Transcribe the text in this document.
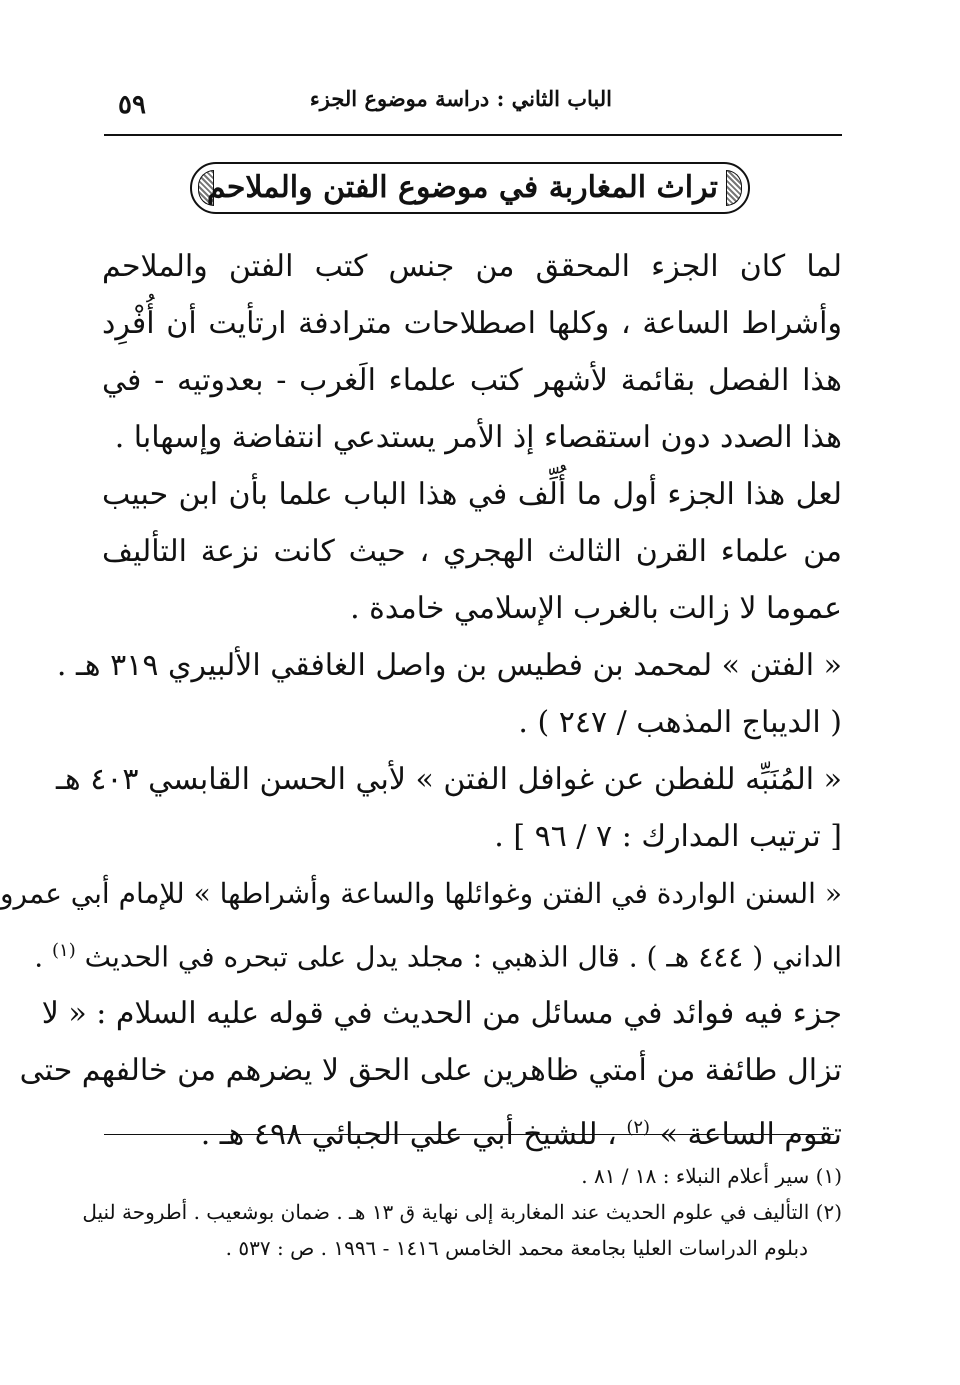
الباب الثاني : دراسة موضوع الجزء
٥٩
تراث المغاربة في موضوع الفتن والملاحم

لما كان الجزء المحقق من جنس كتب الفتن والملاحم وأشراط الساعة ، وكلها اصطلاحات مترادفة ارتأيت أن أُفْرِد هذا الفصل بقائمة لأشهر كتب علماء الَغرب - بعدوتيه - في هذا الصدد دون استقصاء إذ الأمر يستدعي انتفاضة وإسهابا .

لعل هذا الجزء أول ما أُلِّف في هذا الباب علما بأن ابن حبيب من علماء القرن الثالث الهجري ، حيث كانت نزعة التأليف عموما لا زالت بالغرب الإسلامي خامدة .

« الفتن » لمحمد بن فطيس بن واصل الغافقي الألبيري ٣١٩ هـ .
( الديباج المذهب / ٢٤٧ ) .
« المُنَبِّه للفطن عن غوافل الفتن » لأبي الحسن القابسي ٤٠٣ هـ
[ ترتيب المدارك : ٧ / ٩٦ ] .
« السنن الواردة في الفتن وغوائلها والساعة وأشراطها » للإمام أبي عمرو
الداني ( ٤٤٤ هـ ) . قال الذهبي : مجلد يدل على تبحره في الحديث $^{(١)}$ .
جزء فيه فوائد في مسائل من الحديث في قوله عليه السلام : « لا
تزال طائفة من أمتي ظاهرين على الحق لا يضرهم من خالفهم حتى
تقوم الساعة » $^{(٢)}$ ، للشيخ أبي علي الجبائي ٤٩٨ هـ .
(١) سير أعلام النبلاء : ١٨ / ٨١ .
(٢) التأليف في علوم الحديث عند المغاربة إلى نهاية ق ١٣ هـ . ضمان بوشعيب . أطروحة لنيل
دبلوم الدراسات العليا بجامعة محمد الخامس ١٤١٦ - ١٩٩٦ . ص : ٥٣٧ .
